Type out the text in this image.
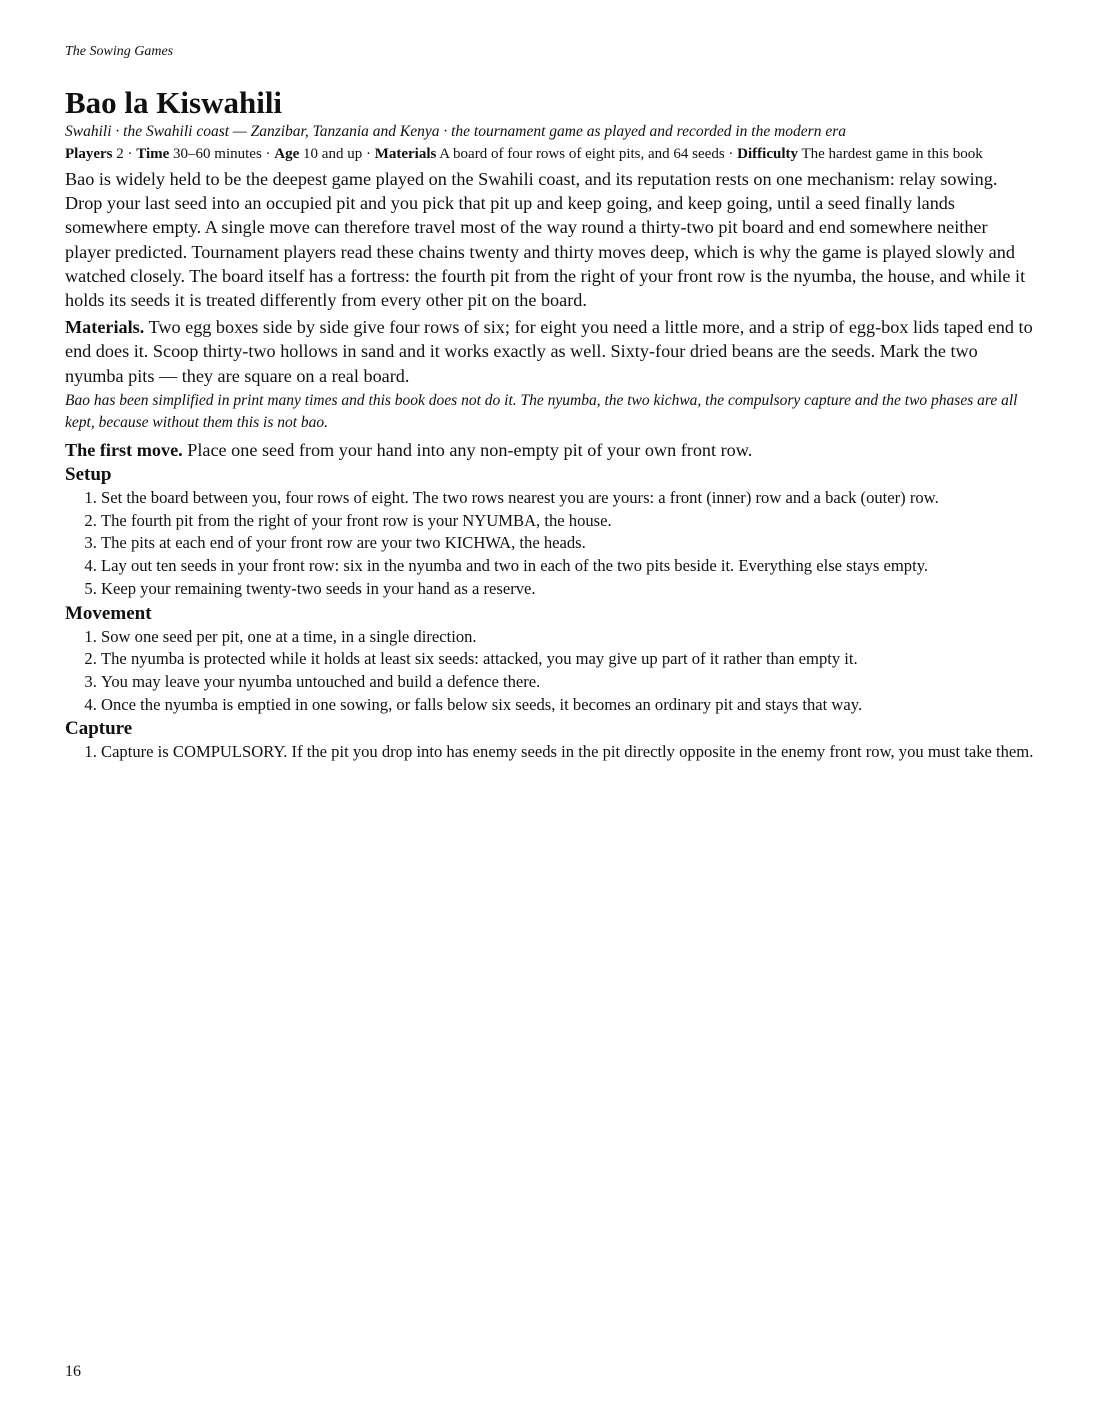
The Sowing Games

Bao la Kiswahili

Swahili · the Swahili coast — Zanzibar, Tanzania and Kenya · the tournament game as played and recorded in the modern era

Players 2 · Time 30–60 minutes · Age 10 and up · Materials A board of four rows of eight pits, and 64 seeds · Difficulty The hardest game in this book

Bao is widely held to be the deepest game played on the Swahili coast, and its reputation rests on one mechanism: relay sowing. Drop your last seed into an occupied pit and you pick that pit up and keep going, and keep going, until a seed finally lands somewhere empty. A single move can therefore travel most of the way round a thirty-two pit board and end somewhere neither player predicted. Tournament players read these chains twenty and thirty moves deep, which is why the game is played slowly and watched closely. The board itself has a fortress: the fourth pit from the right of your front row is the nyumba, the house, and while it holds its seeds it is treated differently from every other pit on the board.

Materials. Two egg boxes side by side give four rows of six; for eight you need a little more, and a strip of egg-box lids taped end to end does it. Scoop thirty-two hollows in sand and it works exactly as well. Sixty-four dried beans are the seeds. Mark the two nyumba pits — they are square on a real board.

Bao has been simplified in print many times and this book does not do it. The nyumba, the two kichwa, the compulsory capture and the two phases are all kept, because without them this is not bao.

The first move. Place one seed from your hand into any non-empty pit of your own front row.

Setup
1. Set the board between you, four rows of eight. The two rows nearest you are yours: a front (inner) row and a back (outer) row.
2. The fourth pit from the right of your front row is your NYUMBA, the house.
3. The pits at each end of your front row are your two KICHWA, the heads.
4. Lay out ten seeds in your front row: six in the nyumba and two in each of the two pits beside it. Everything else stays empty.
5. Keep your remaining twenty-two seeds in your hand as a reserve.
Movement
1. Sow one seed per pit, one at a time, in a single direction.
2. The nyumba is protected while it holds at least six seeds: attacked, you may give up part of it rather than empty it.
3. You may leave your nyumba untouched and build a defence there.
4. Once the nyumba is emptied in one sowing, or falls below six seeds, it becomes an ordinary pit and stays that way.
Capture
1. Capture is COMPULSORY. If the pit you drop into has enemy seeds in the pit directly opposite in the enemy front row, you must take them.
16
